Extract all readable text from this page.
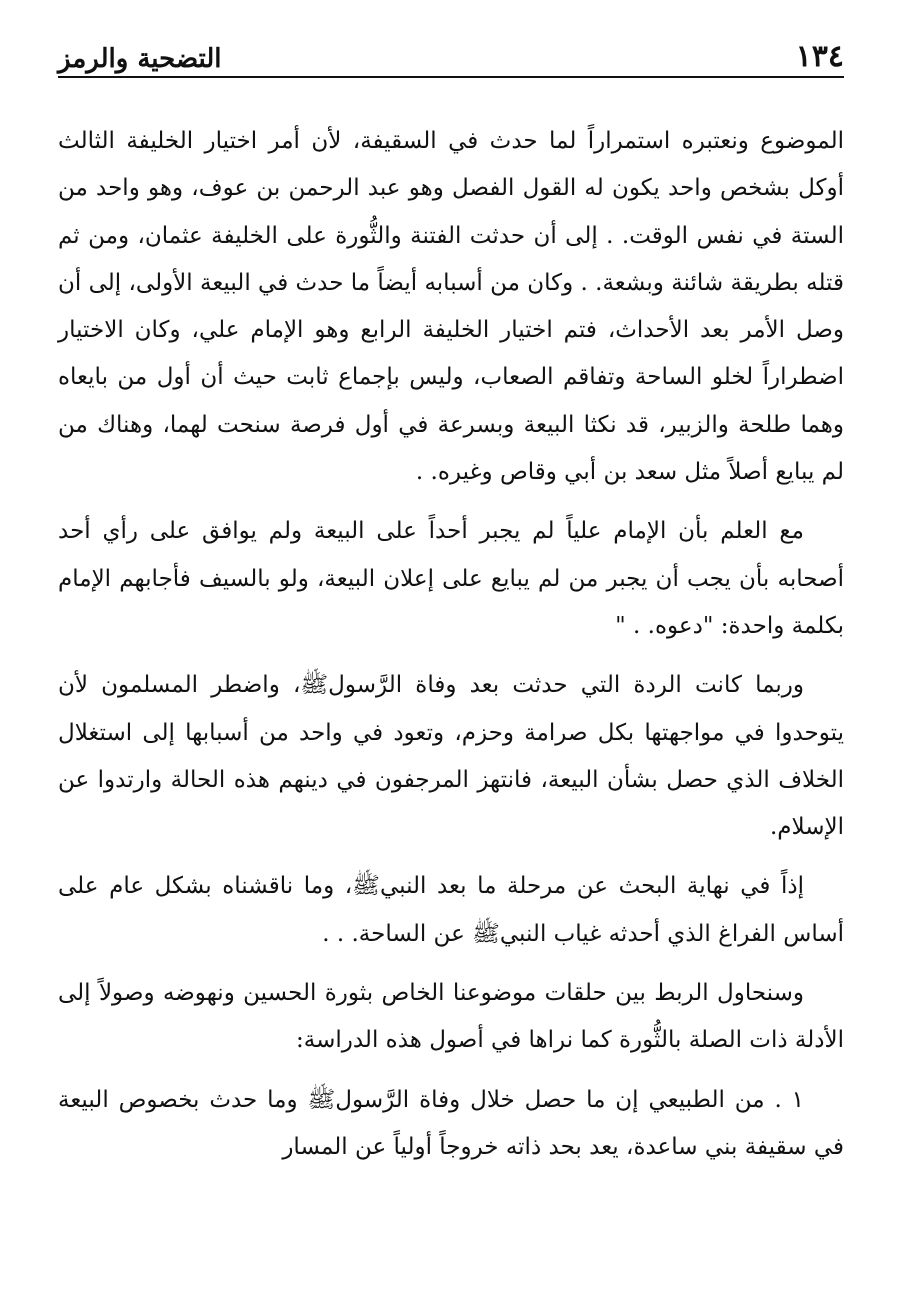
١٣٤
التضحية والرمز

الموضوع ونعتبره استمراراً لما حدث في السقيفة، لأن أمر اختيار الخليفة الثالث أوكل بشخص واحد يكون له القول الفصل وهو عبد الرحمن بن عوف، وهو واحد من الستة في نفس الوقت. . إلى أن حدثت الفتنة والثُّورة على الخليفة عثمان، ومن ثم قتله بطريقة شائنة وبشعة. . وكان من أسبابه أيضاً ما حدث في البيعة الأولى، إلى أن وصل الأمر بعد الأحداث، فتم اختيار الخليفة الرابع وهو الإمام علي، وكان الاختيار اضطراراً لخلو الساحة وتفاقم الصعاب، وليس بإجماع ثابت حيث أن أول من بايعاه وهما طلحة والزبير، قد نكثا البيعة وبسرعة في أول فرصة سنحت لهما، وهناك من لم يبايع أصلاً مثل سعد بن أبي وقاص وغيره. .

مع العلم بأن الإمام علياً لم يجبر أحداً على البيعة ولم يوافق على رأي أحد أصحابه بأن يجب أن يجبر من لم يبايع على إعلان البيعة، ولو بالسيف فأجابهم الإمام بكلمة واحدة: "دعوه. . "

وربما كانت الردة التي حدثت بعد وفاة الرَّسولﷺ، واضطر المسلمون لأن يتوحدوا في مواجهتها بكل صرامة وحزم، وتعود في واحد من أسبابها إلى استغلال الخلاف الذي حصل بشأن البيعة، فانتهز المرجفون في دينهم هذه الحالة وارتدوا عن الإسلام.

إذاً في نهاية البحث عن مرحلة ما بعد النبيﷺ، وما ناقشناه بشكل عام على أساس الفراغ الذي أحدثه غياب النبيﷺ عن الساحة. . .

وسنحاول الربط بين حلقات موضوعنا الخاص بثورة الحسين ونهوضه وصولاً إلى الأدلة ذات الصلة بالثُّورة كما نراها في أصول هذه الدراسة:

١ . من الطبيعي إن ما حصل خلال وفاة الرَّسولﷺ وما حدث بخصوص البيعة في سقيفة بني ساعدة، يعد بحد ذاته خروجاً أولياً عن المسار
